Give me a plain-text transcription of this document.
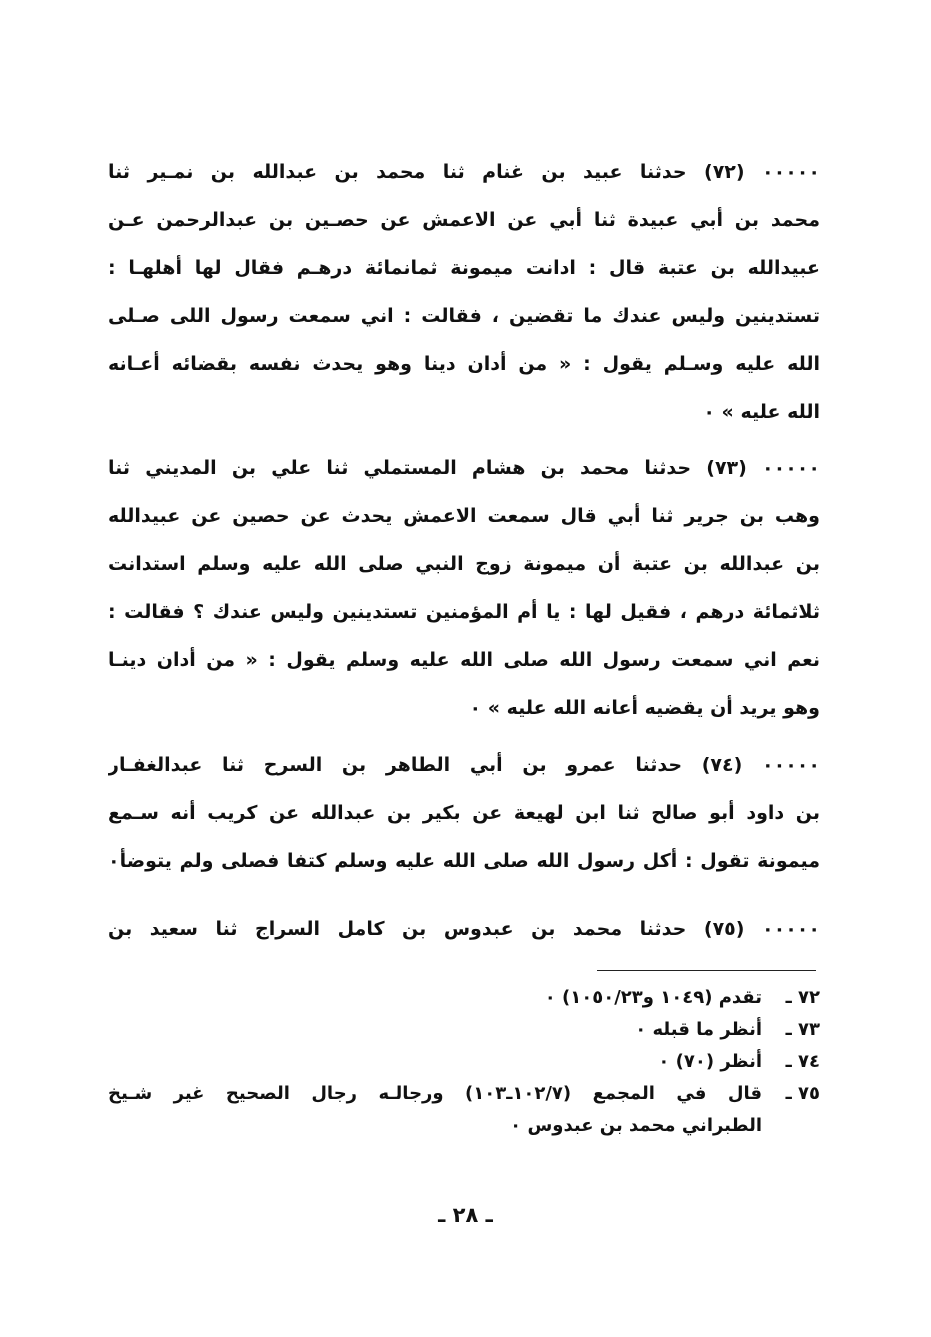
٠٠٠٠٠ (٧٢) حدثنا عبيد بن غنام ثنا محمد بن عبدالله بن نمـير ثنا
محمد بن أبي عبيدة ثنا أبي عن الاعمش عن حصـين بن عبدالرحمن عـن
عبيدالله بن عتبة قال : ادانت ميمونة ثمانمائة درهـم فقال لها أهلهـا :
تستدينين وليس عندك ما تقضين ، فقالت : اني سمعت رسول اللى صـلى
الله عليه وسـلم يقول : « من أدان دينا وهو يحدث نفسه بقضائه أعـانه
الله عليه » ٠
٠٠٠٠٠ (٧٣) حدثنا محمد بن هشام المستملي ثنا علي بن المديني ثنا
وهب بن جرير ثنا أبي قال سمعت الاعمش يحدث عن حصين عن عبيدالله
بن عبدالله بن عتبة أن ميمونة زوج النبي صلى الله عليه وسلم استدانت
ثلاثمائة درهم ، فقيل لها : يا أم المؤمنين تستدينين وليس عندك ؟ فقالت :
نعم اني سمعت رسول الله صلى الله عليه وسلم يقول : « من أدان دينـا
وهو يريد أن يقضيه أعانه الله عليه » ٠
٠٠٠٠٠ (٧٤) حدثنا عمرو بن أبي الطاهر بن السرح ثنا عبدالغفـار
بن داود أبو صالح ثنا ابن لهيعة عن بكير بن عبدالله عن كريب أنه سـمع
ميمونة تقول : أكل رسول الله صلى الله عليه وسلم كتفا فصلى ولم يتوضأ٠
٠٠٠٠٠ (٧٥) حدثنا محمد بن عبدوس بن كامل السراج ثنا سعيد بن
٧٢ ـ
تقدم (١٠٤٩ و١٠٥٠/٢٣) ٠
٧٣ ـ
أنظر ما قبله ٠
٧٤ ـ
أنظر (٧٠) ٠
٧٥ ـ
قال في المجمع (١٠٢/٧ـ١٠٣) ورجالـه رجال الصحيح غير شـيخ
الطبراني محمد بن عبدوس ٠
ـ ٢٨ ـ
